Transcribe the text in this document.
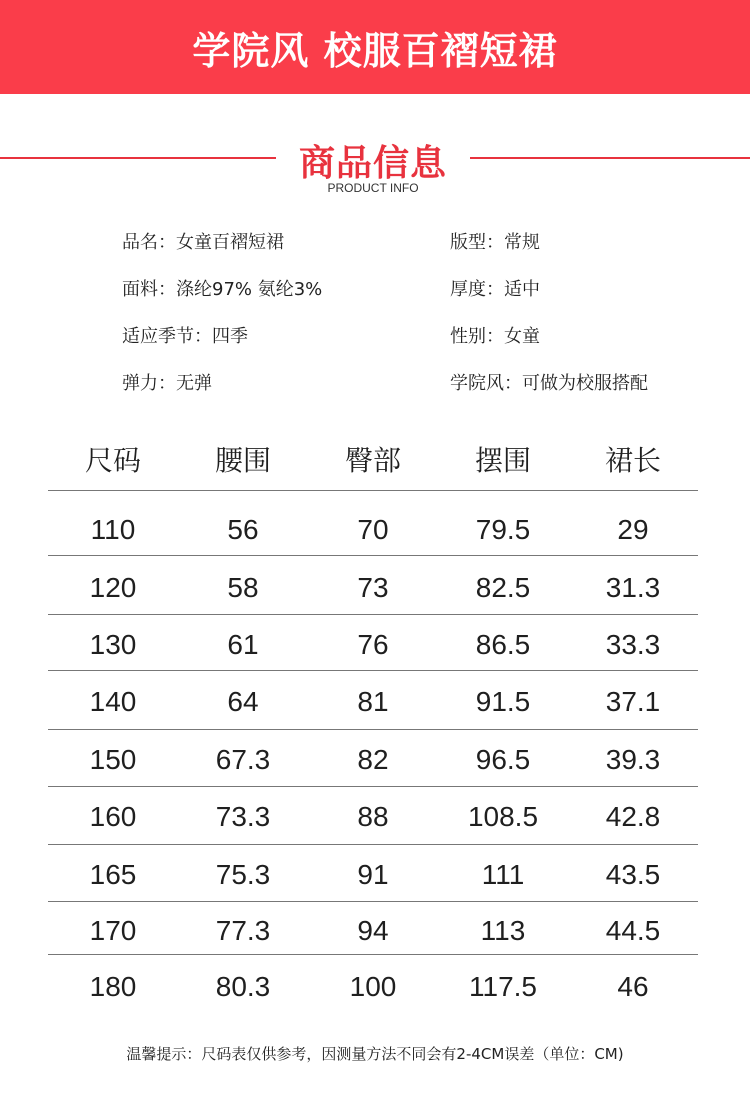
学院风 校服百褶短裙
商品信息
PRODUCT INFO
品名：女童百褶短裙	版型：常规
面料：涤纶97% 氨纶3%	厚度：适中
适应季节：四季	性别：女童
弹力：无弹	学院风：可做为校服搭配
尺码	腰围	臀部	摆围	裙长
110	56	70	79.5	29
120	58	73	82.5	31.3
130	61	76	86.5	33.3
140	64	81	91.5	37.1
150	67.3	82	96.5	39.3
160	73.3	88	108.5	42.8
165	75.3	91	111	43.5
170	77.3	94	113	44.5
180	80.3	100	117.5	46
温馨提示：尺码表仅供参考，因测量方法不同会有2-4CM误差（单位：CM)
